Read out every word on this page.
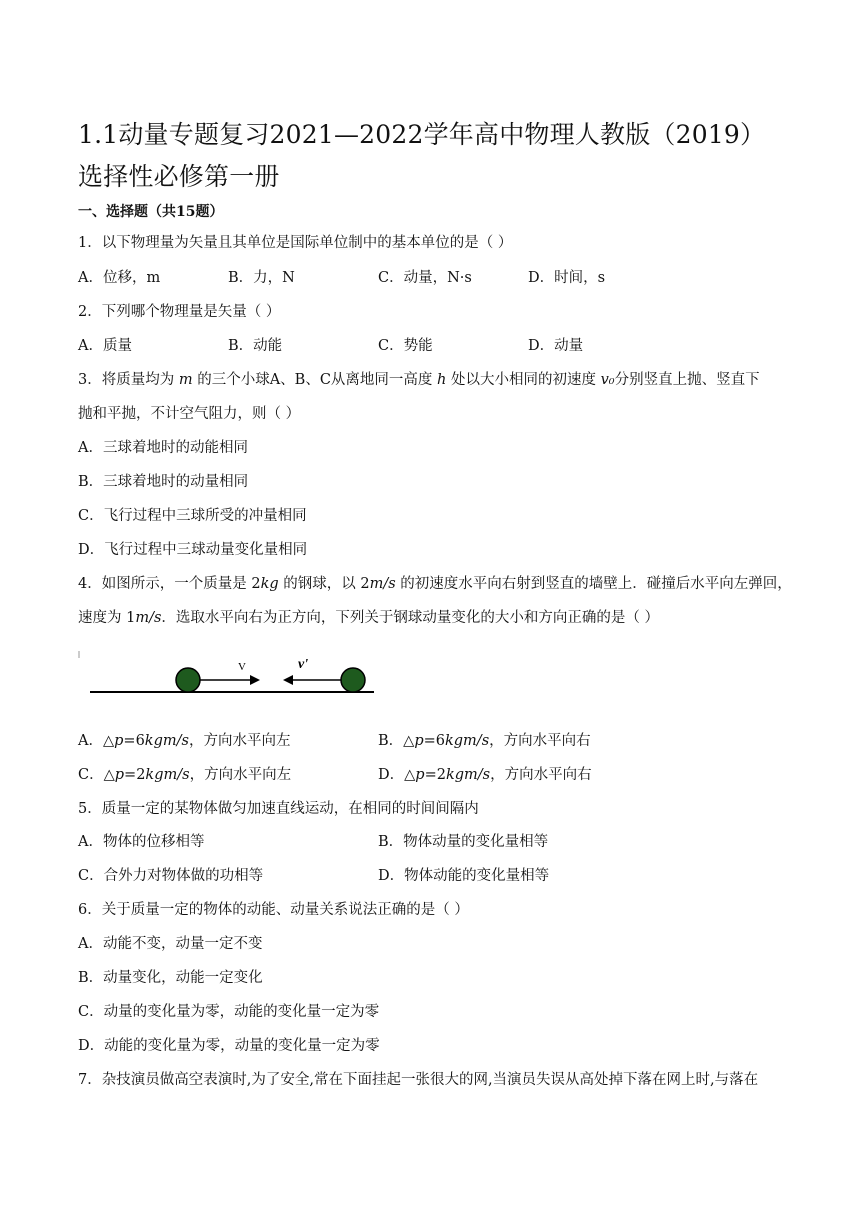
1.1动量专题复习2021—2022学年高中物理人教版（2019）选择性必修第一册
一、选择题（共15题）
1．以下物理量为矢量且其单位是国际单位制中的基本单位的是（ ）
A．位移，m	B．力，N	C．动量，N·s	D．时间，s
2．下列哪个物理量是矢量（ ）
A．质量	B．动能	C．势能	D．动量
3．将质量均为 m 的三个小球A、B、C从离地同一高度 h 处以大小相同的初速度 v₀分别竖直上抛、竖直下
抛和平抛，不计空气阻力，则（ ）
A．三球着地时的动能相同
B．三球着地时的动量相同
C．飞行过程中三球所受的冲量相同
D．飞行过程中三球动量变化量相同
4．如图所示，一个质量是 2kg 的钢球，以 2m/s 的初速度水平向右射到竖直的墙壁上．碰撞后水平向左弹回，
速度为 1m/s．选取水平向右为正方向，下列关于钢球动量变化的大小和方向正确的是（ ）
V	v'
A．△p=6kgm/s，方向水平向左	B．△p=6kgm/s，方向水平向右
C．△p=2kgm/s，方向水平向左	D．△p=2kgm/s，方向水平向右
5．质量一定的某物体做匀加速直线运动，在相同的时间间隔内
A．物体的位移相等	B．物体动量的变化量相等
C．合外力对物体做的功相等	D．物体动能的变化量相等
6．关于质量一定的物体的动能、动量关系说法正确的是（ ）
A．动能不变，动量一定不变
B．动量变化，动能一定变化
C．动量的变化量为零，动能的变化量一定为零
D．动能的变化量为零，动量的变化量一定为零
7．杂技演员做高空表演时,为了安全,常在下面挂起一张很大的网,当演员失误从高处掉下落在网上时,与落在
